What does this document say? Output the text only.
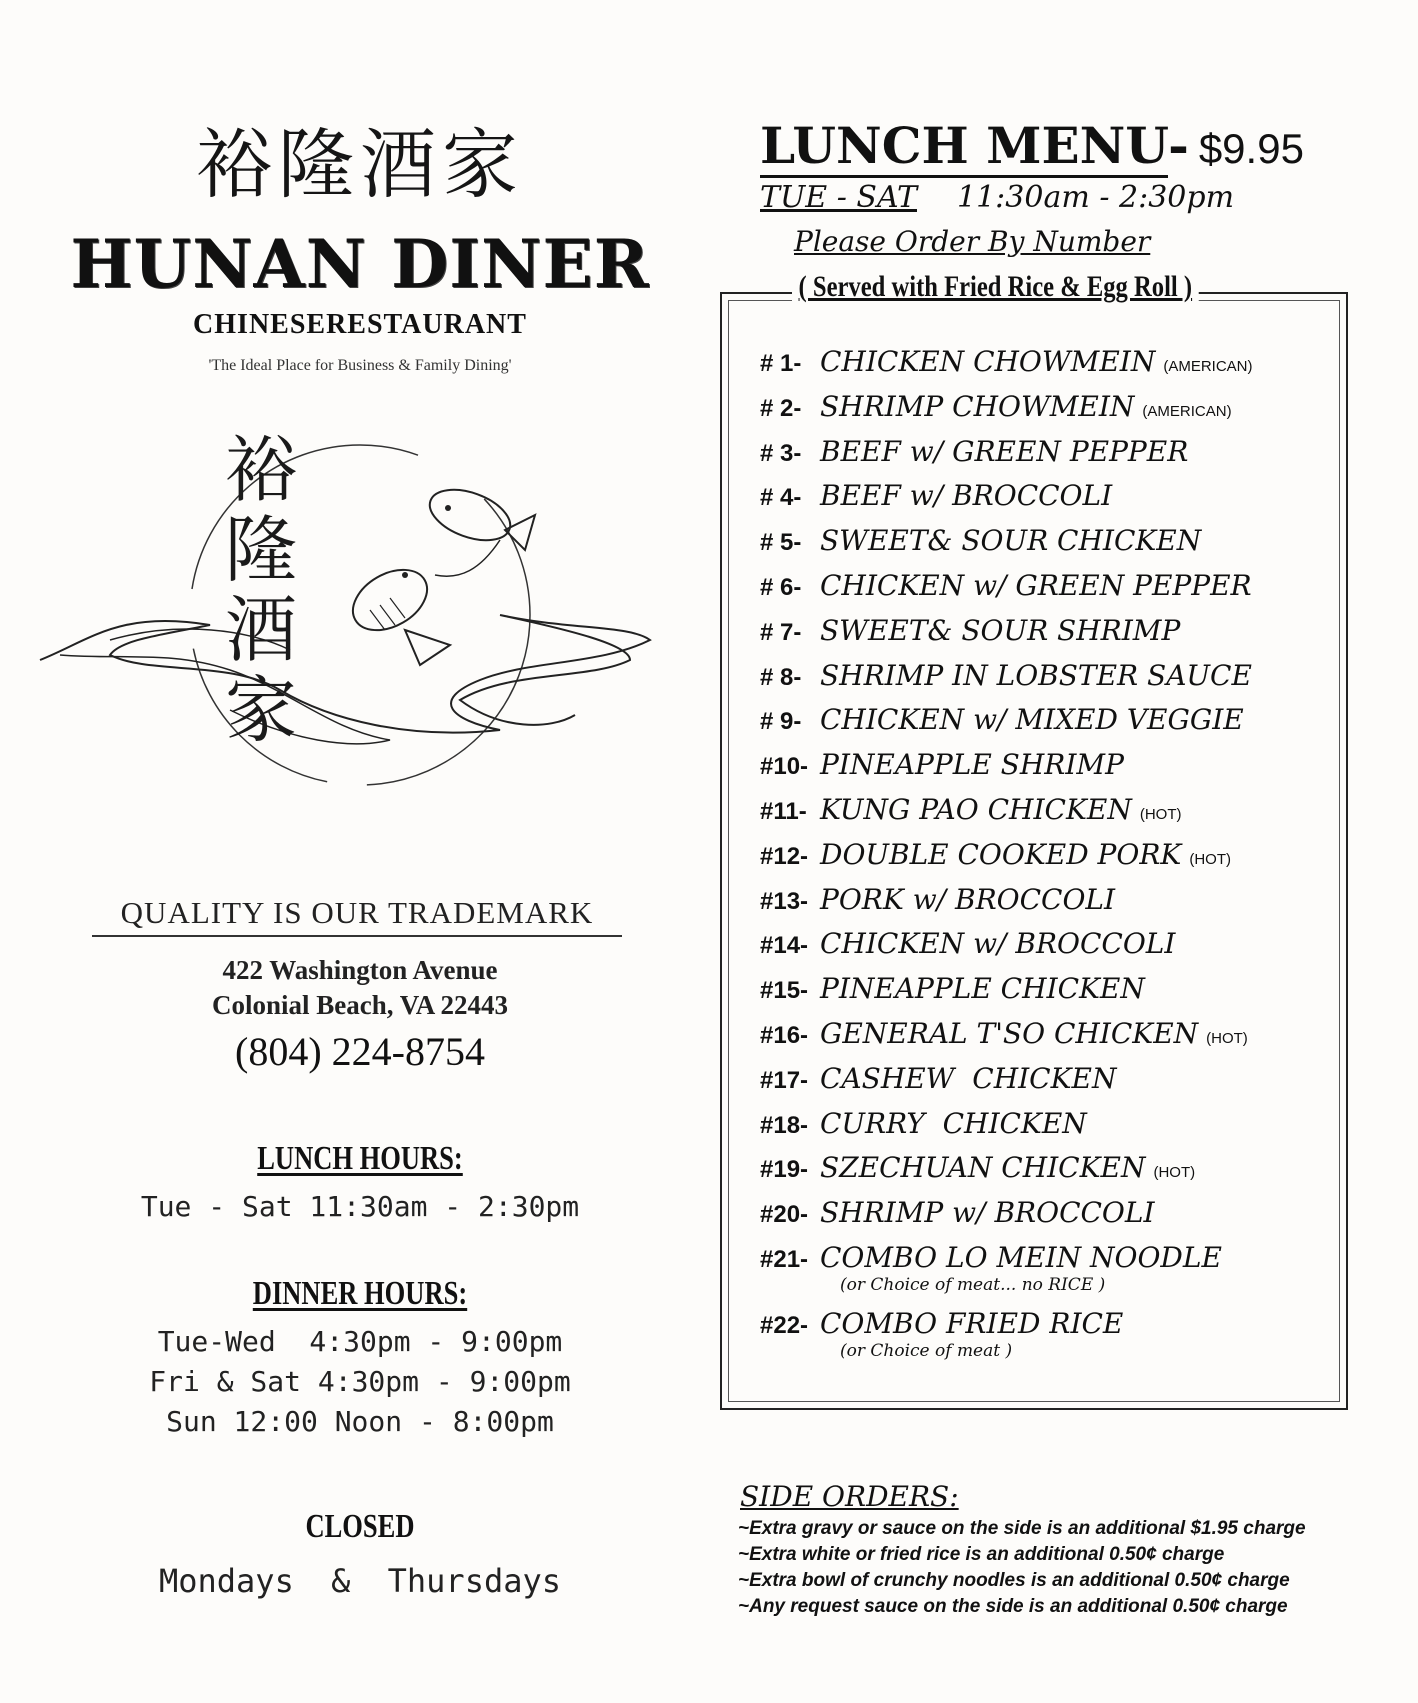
裕隆酒家
HUNAN DINER
CHINESERESTAURANT
'The Ideal Place for Business & Family Dining'
裕
隆
酒
家
QUALITY IS OUR TRADEMARK
422 Washington Avenue
Colonial Beach, VA 22443
(804) 224-8754
LUNCH HOURS:
Tue - Sat 11:30am - 2:30pm
DINNER HOURS:
Tue-Wed  4:30pm - 9:00pm
Fri & Sat 4:30pm - 9:00pm
Sun 12:00 Noon - 8:00pm
CLOSED
Mondays & Thursdays
LUNCH MENU- $9.95
TUE - SAT 11:30am - 2:30pm
Please Order By Number
( Served with Fried Rice & Egg Roll )
# 1- CHICKEN CHOWMEIN (AMERICAN)
# 2- SHRIMP CHOWMEIN (AMERICAN)
# 3- BEEF w/ GREEN PEPPER
# 4- BEEF w/ BROCCOLI
# 5- SWEET& SOUR CHICKEN
# 6- CHICKEN w/ GREEN PEPPER
# 7- SWEET& SOUR SHRIMP
# 8- SHRIMP IN LOBSTER SAUCE
# 9- CHICKEN w/ MIXED VEGGIE
#10- PINEAPPLE SHRIMP
#11- KUNG PAO CHICKEN (HOT)
#12- DOUBLE COOKED PORK (HOT)
#13- PORK w/ BROCCOLI
#14- CHICKEN w/ BROCCOLI
#15- PINEAPPLE CHICKEN
#16- GENERAL T'SO CHICKEN (HOT)
#17- CASHEW  CHICKEN
#18- CURRY  CHICKEN
#19- SZECHUAN CHICKEN (HOT)
#20- SHRIMP w/ BROCCOLI
#21- COMBO LO MEIN NOODLE
(or Choice of meat... no RICE )
#22- COMBO FRIED RICE
(or Choice of meat )
SIDE ORDERS:
~Extra gravy or sauce on the side is an additional $1.95 charge
~Extra white or fried rice is an additional 0.50¢ charge
~Extra bowl of crunchy noodles is an additional 0.50¢ charge
~Any request sauce on the side is an additional 0.50¢ charge
